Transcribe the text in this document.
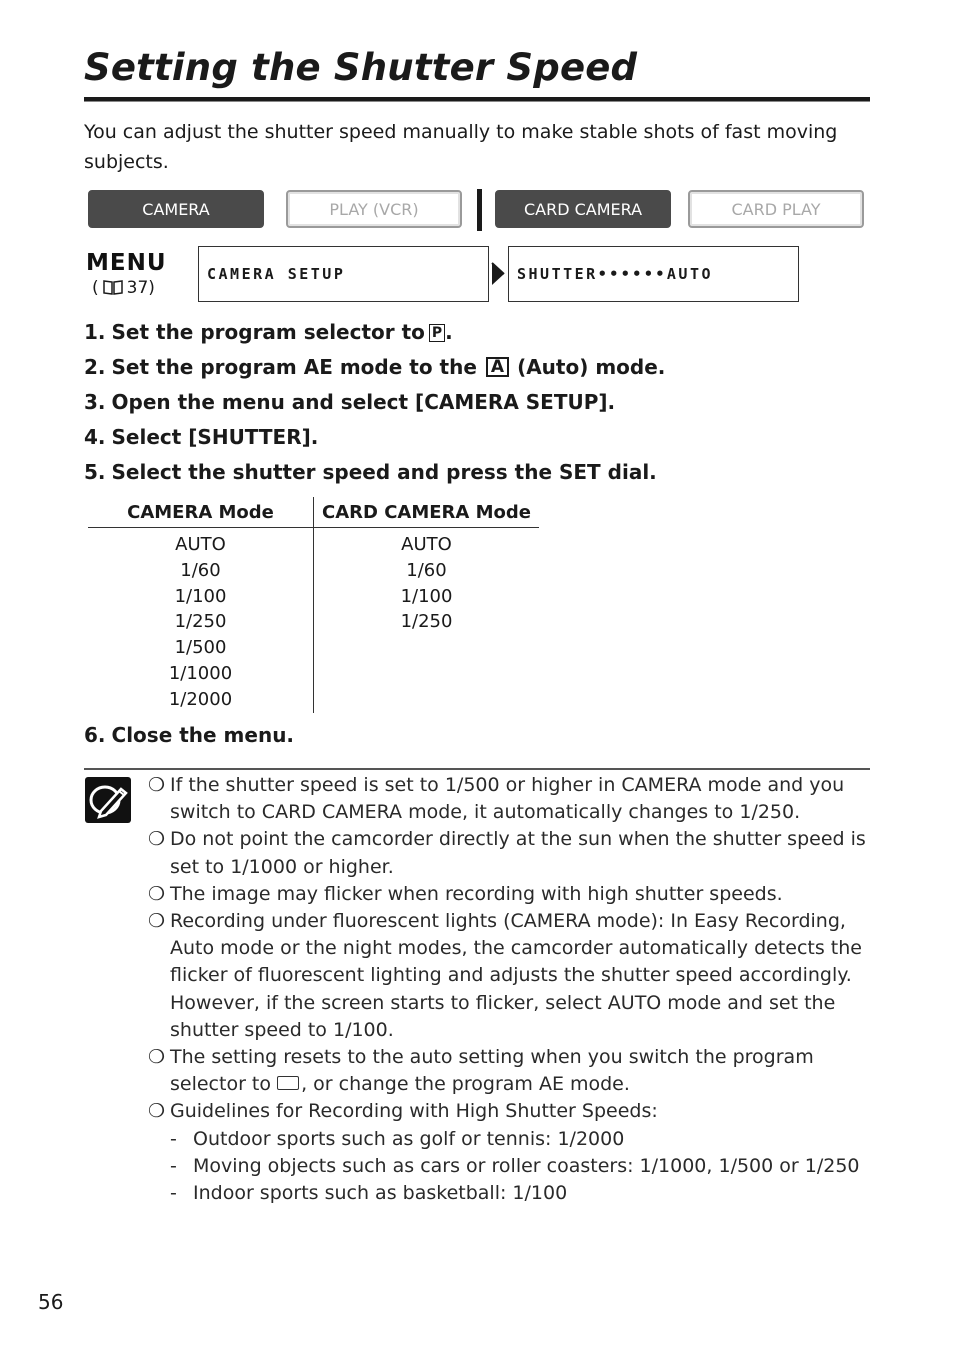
Setting the Shutter Speed
You can adjust the shutter speed manually to make stable shots of fast moving subjects.
CAMERA	PLAY (VCR)	CARD CAMERA	CARD PLAY
MENU
( 37)
CAMERA SETUP	SHUTTER••••••AUTO
1. Set the program selector to P .
2. Set the program AE mode to the A (Auto) mode.
3. Open the menu and select [CAMERA SETUP].
4. Select [SHUTTER].
5. Select the shutter speed and press the SET dial.
CAMERA Mode	CARD CAMERA Mode
AUTO	AUTO
1/60	1/60
1/100	1/100
1/250	1/250
1/500	
1/1000	
1/2000	
6. Close the menu.
❍ If the shutter speed is set to 1/500 or higher in CAMERA mode and you switch to CARD CAMERA mode, it automatically changes to 1/250.
❍ Do not point the camcorder directly at the sun when the shutter speed is set to 1/1000 or higher.
❍ The image may flicker when recording with high shutter speeds.
❍ Recording under fluorescent lights (CAMERA mode): In Easy Recording, Auto mode or the night modes, the camcorder automatically detects the flicker of fluorescent lighting and adjusts the shutter speed accordingly. However, if the screen starts to flicker, select AUTO mode and set the shutter speed to 1/100.
❍ The setting resets to the auto setting when you switch the program selector to , or change the program AE mode.
❍ Guidelines for Recording with High Shutter Speeds:
- Outdoor sports such as golf or tennis: 1/2000
- Moving objects such as cars or roller coasters: 1/1000, 1/500 or 1/250
- Indoor sports such as basketball: 1/100
56
